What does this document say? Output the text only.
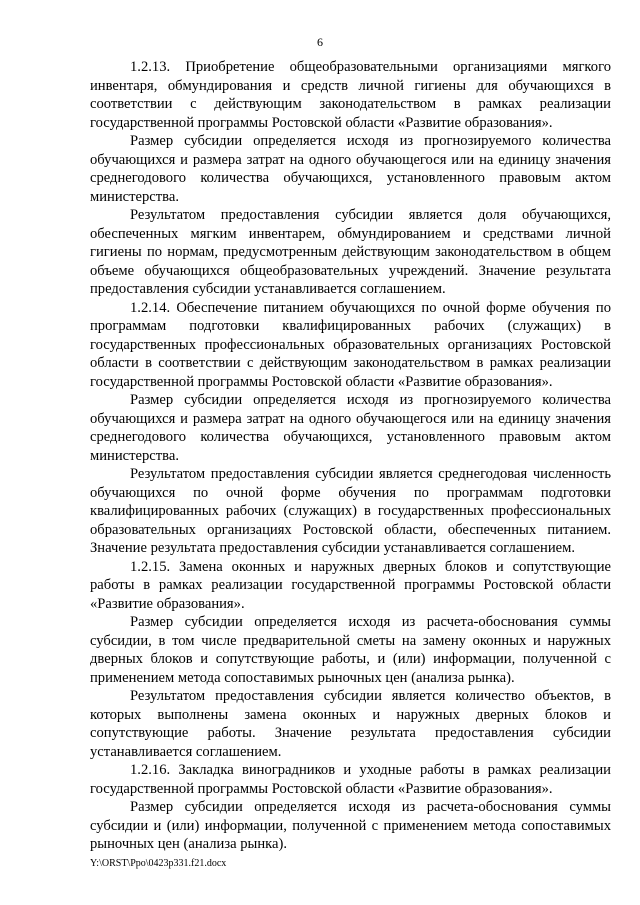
6

1.2.13. Приобретение общеобразовательными организациями мягкого инвентаря, обмундирования и средств личной гигиены для обучающихся в соответствии с действующим законодательством в рамках реализации государственной программы Ростовской области «Развитие образования».

Размер субсидии определяется исходя из прогнозируемого количества обучающихся и размера затрат на одного обучающегося или на единицу значения среднегодового количества обучающихся, установленного правовым актом министерства.

Результатом предоставления субсидии является доля обучающихся, обеспеченных мягким инвентарем, обмундированием и средствами личной гигиены по нормам, предусмотренным действующим законодательством в общем объеме обучающихся общеобразовательных учреждений. Значение результата предоставления субсидии устанавливается соглашением.

1.2.14. Обеспечение питанием обучающихся по очной форме обучения по программам подготовки квалифицированных рабочих (служащих) в государственных профессиональных образовательных организациях Ростовской области в соответствии с действующим законодательством в рамках реализации государственной программы Ростовской области «Развитие образования».

Размер субсидии определяется исходя из прогнозируемого количества обучающихся и размера затрат на одного обучающегося или на единицу значения среднегодового количества обучающихся, установленного правовым актом министерства.

Результатом предоставления субсидии является среднегодовая численность обучающихся по очной форме обучения по программам подготовки квалифицированных рабочих (служащих) в государственных профессиональных образовательных организациях Ростовской области, обеспеченных питанием. Значение результата предоставления субсидии устанавливается соглашением.

1.2.15. Замена оконных и наружных дверных блоков и сопутствующие работы в рамках реализации государственной программы Ростовской области «Развитие образования».

Размер субсидии определяется исходя из расчета-обоснования суммы субсидии, в том числе предварительной сметы на замену оконных и наружных дверных блоков и сопутствующие работы, и (или) информации, полученной с применением метода сопоставимых рыночных цен (анализа рынка).

Результатом предоставления субсидии является количество объектов, в которых выполнены замена оконных и наружных дверных блоков и сопутствующие работы. Значение результата предоставления субсидии устанавливается соглашением.

1.2.16. Закладка виноградников и уходные работы в рамках реализации государственной программы Ростовской области «Развитие образования».

Размер субсидии определяется исходя из расчета-обоснования суммы субсидии и (или) информации, полученной с применением метода сопоставимых рыночных цен (анализа рынка).

Y:\ORST\Ppo\0423p331.f21.docx
